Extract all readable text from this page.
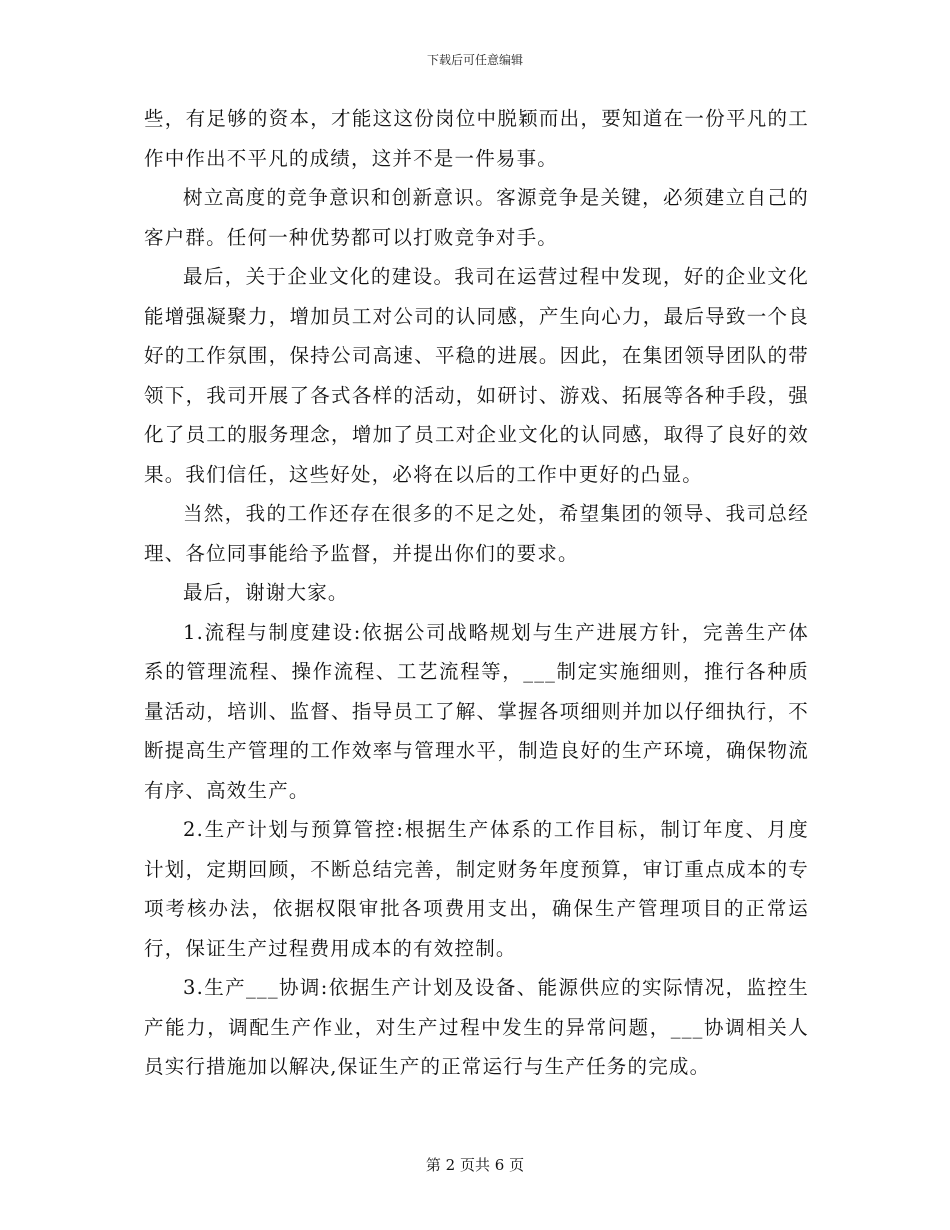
下载后可任意编辑

些，有足够的资本，才能这这份岗位中脱颖而出，要知道在一份平凡的工作中作出不平凡的成绩，这并不是一件易事。

树立高度的竞争意识和创新意识。客源竞争是关键，必须建立自己的客户群。任何一种优势都可以打败竞争对手。

最后，关于企业文化的建设。我司在运营过程中发现，好的企业文化能增强凝聚力，增加员工对公司的认同感，产生向心力，最后导致一个良好的工作氛围，保持公司高速、平稳的进展。因此，在集团领导团队的带领下，我司开展了各式各样的活动，如研讨、游戏、拓展等各种手段，强化了员工的服务理念，增加了员工对企业文化的认同感，取得了良好的效果。我们信任，这些好处，必将在以后的工作中更好的凸显。

当然，我的工作还存在很多的不足之处，希望集团的领导、我司总经理、各位同事能给予监督，并提出你们的要求。

最后，谢谢大家。

1.流程与制度建设:依据公司战略规划与生产进展方针，完善生产体系的管理流程、操作流程、工艺流程等，___制定实施细则，推行各种质量活动，培训、监督、指导员工了解、掌握各项细则并加以仔细执行，不断提高生产管理的工作效率与管理水平，制造良好的生产环境，确保物流有序、高效生产。

2.生产计划与预算管控:根据生产体系的工作目标，制订年度、月度计划，定期回顾，不断总结完善，制定财务年度预算，审订重点成本的专项考核办法，依据权限审批各项费用支出，确保生产管理项目的正常运行，保证生产过程费用成本的有效控制。

3.生产___协调:依据生产计划及设备、能源供应的实际情况，监控生产能力，调配生产作业，对生产过程中发生的异常问题，___协调相关人员实行措施加以解决,保证生产的正常运行与生产任务的完成。

第 2 页共 6 页
